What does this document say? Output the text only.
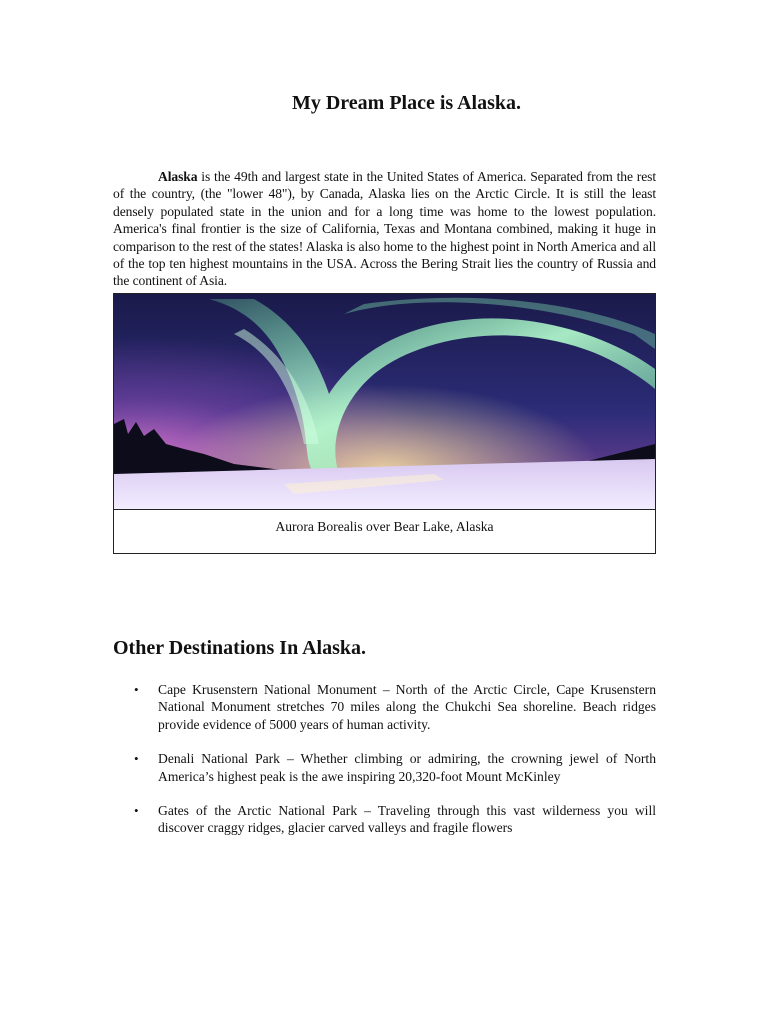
My Dream Place is Alaska.

Alaska is the 49th and largest state in the United States of America. Separated from the rest of the country, (the "lower 48"), by Canada, Alaska lies on the Arctic Circle. It is still the least densely populated state in the union and for a long time was home to the lowest population. America's final frontier is the size of California, Texas and Montana combined, making it huge in comparison to the rest of the states! Alaska is also home to the highest point in North America and all of the top ten highest mountains in the USA. Across the Bering Strait lies the country of Russia and the continent of Asia.

Aurora Borealis over Bear Lake, Alaska
Other Destinations In Alaska.
• Cape Krusenstern National Monument – North of the Arctic Circle, Cape Krusenstern National Monument stretches 70 miles along the Chukchi Sea shoreline. Beach ridges provide evidence of 5000 years of human activity.
• Denali National Park – Whether climbing or admiring, the crowning jewel of North America’s highest peak is the awe inspiring 20,320-foot Mount McKinley
• Gates of the Arctic National Park – Traveling through this vast wilderness you will discover craggy ridges, glacier carved valleys and fragile flowers
